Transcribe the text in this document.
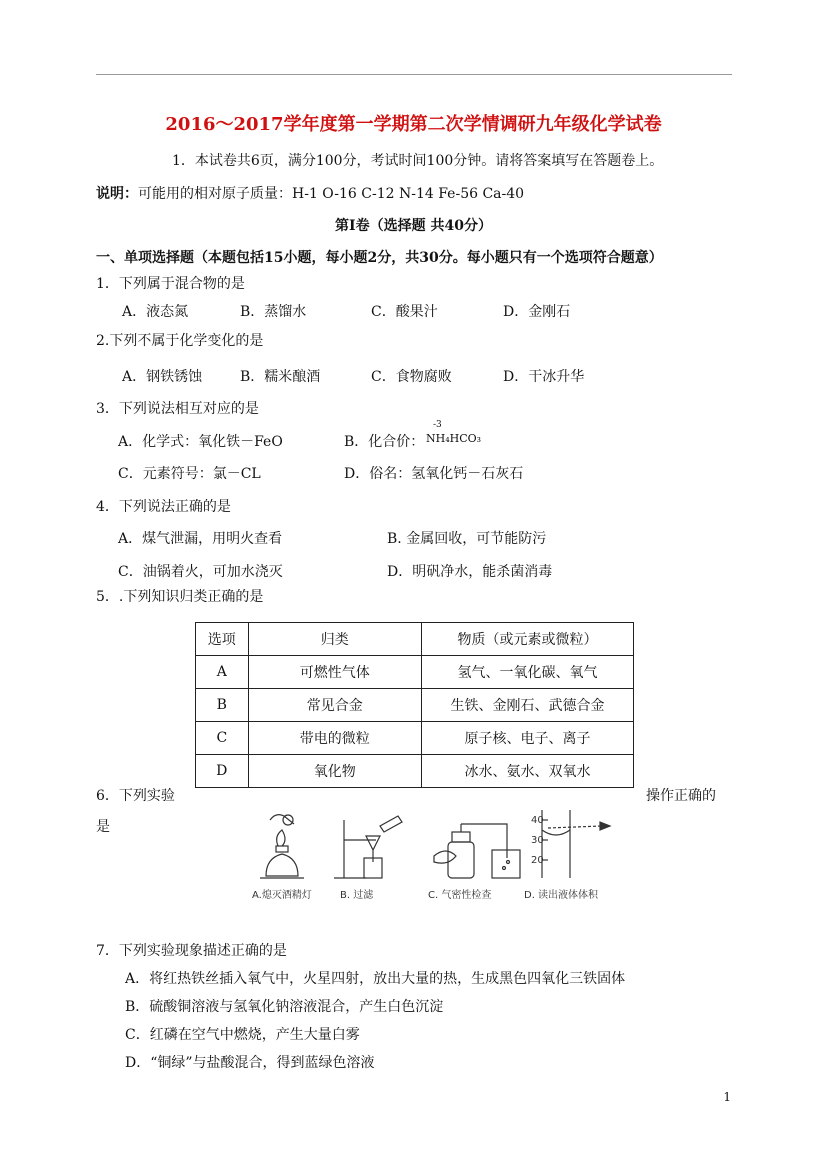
2016～2017学年度第一学期第二次学情调研九年级化学试卷
1．本试卷共6页，满分100分，考试时间100分钟。请将答案填写在答题卷上。
说明：可能用的相对原子质量：H-1 O-16 C-12 N-14 Fe-56 Ca-40
第Ⅰ卷（选择题 共40分）
一、单项选择题（本题包括15小题，每小题2分，共30分。每小题只有一个选项符合题意）
1．下列属于混合物的是
A．液态氮	B．蒸馏水	C．酸果汁	D．金刚石
2.下列不属于化学变化的是
A．钢铁锈蚀	B．糯米酿酒	C．食物腐败	D．干冰升华
3．下列说法相互对应的是
A．化学式：氧化铁－FeO	B．化合价：
-3
NH₄HCO₃
C．元素符号：氯－CL	D．俗名：氢氧化钙－石灰石
4．下列说法正确的是
A．煤气泄漏，用明火查看	B. 金属回收，可节能防污
C．油锅着火，可加水浇灭	D．明矾净水，能杀菌消毒
5．.下列知识归类正确的是
选项	归类	物质（或元素或微粒）
A	可燃性气体	氢气、一氧化碳、氧气
B	常见合金	生铁、金刚石、武德合金
C	带电的微粒	原子核、电子、离子
D	氧化物	冰水、氨水、双氧水
6．下列实验	操作正确的
是	40
30
20
A.熄灭酒精灯	B. 过滤	C. 气密性检查	D. 读出液体体积
7．下列实验现象描述正确的是
A．将红热铁丝插入氧气中，火星四射，放出大量的热，生成黑色四氧化三铁固体
B．硫酸铜溶液与氢氧化钠溶液混合，产生白色沉淀
C．红磷在空气中燃烧，产生大量白雾
D．“铜绿”与盐酸混合，得到蓝绿色溶液
1
